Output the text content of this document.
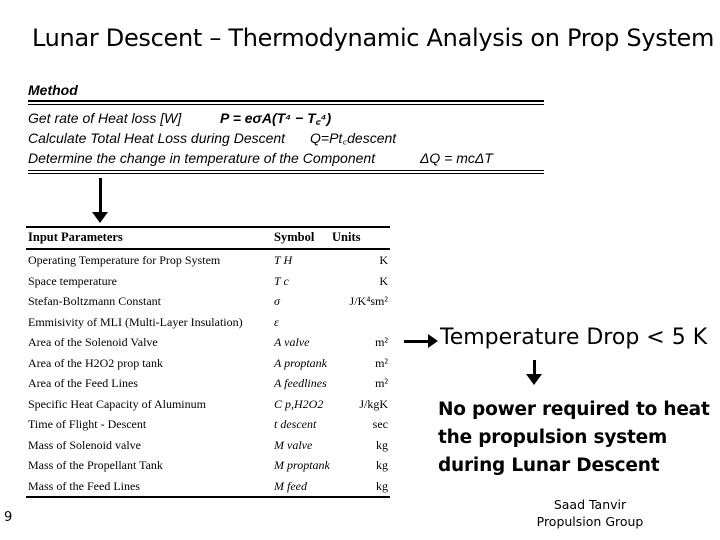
Lunar Descent – Thermodynamic Analysis on Prop System
Method
Get rate of Heat loss [W]	P = eσA(T⁴ − T꜀⁴)
Calculate Total Heat Loss during Descent Q=Pt꜀descent
Determine the change in temperature of the Component	ΔQ = mcΔT
Input Parameters	Symbol Units
Operating Temperature for Prop System	T H	K
Space temperature	T c	K
Stefan-Boltzmann Constant	σ	J/K⁴sm²
Emmisivity of MLI (Multi-Layer Insulation)	ε
Area of the Solenoid Valve	A valve	m²
Area of the H2O2 prop tank	A proptank	m²
Area of the Feed Lines	A feedlines	m²
Specific Heat Capacity of Aluminum	C p,H2O2	J/kgK
Time of Flight - Descent	t descent	sec
Mass of Solenoid valve	M valve	kg
Mass of the Propellant Tank	M proptank	kg
Mass of the Feed Lines	M feed	kg
Temperature Drop < 5 K
No power required to heat the propulsion system during Lunar Descent
Saad Tanvir
Propulsion Group
9
